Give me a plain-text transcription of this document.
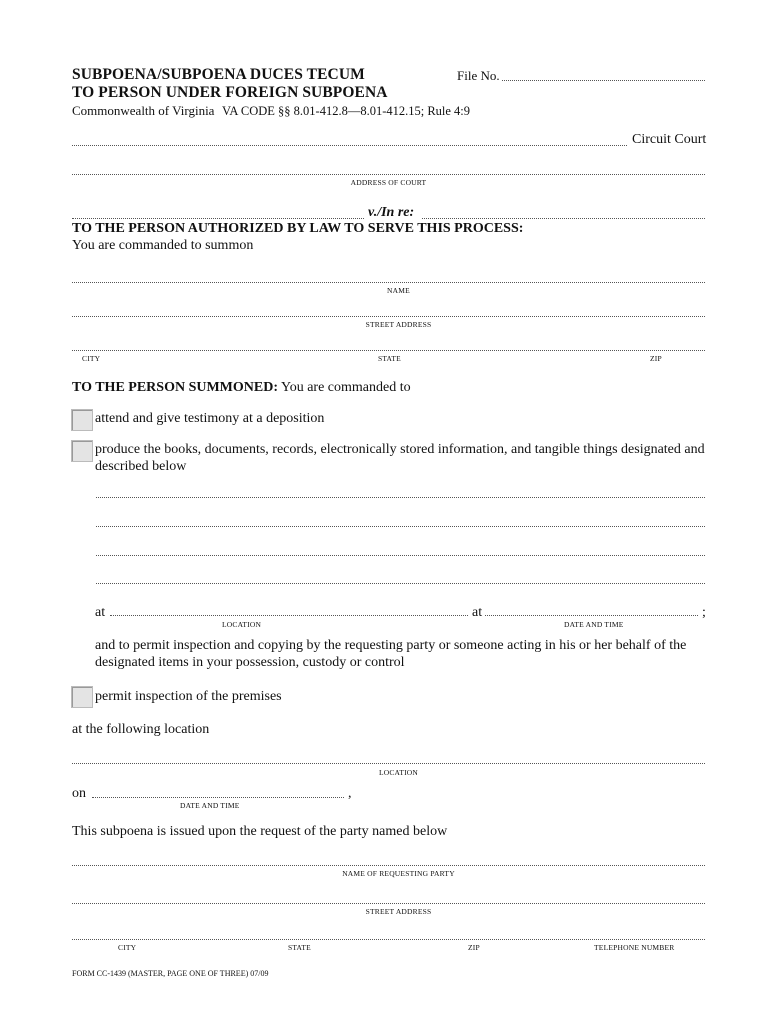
SUBPOENA/SUBPOENA DUCES TECUM
TO PERSON UNDER FOREIGN SUBPOENA
File No.
Commonwealth of Virginia VA CODE §§ 8.01-412.8—8.01-412.15; Rule 4:9
Circuit Court
ADDRESS OF COURT
v./In re:
TO THE PERSON AUTHORIZED BY LAW TO SERVE THIS PROCESS:
You are commanded to summon
NAME
STREET ADDRESS
CITY	STATE	ZIP
TO THE PERSON SUMMONED: You are commanded to
attend and give testimony at a deposition
produce the books, documents, records, electronically stored information, and tangible things designated and
described below
at	at	;
LOCATION	DATE AND TIME
and to permit inspection and copying by the requesting party or someone acting in his or her behalf of the
designated items in your possession, custody or control
permit inspection of the premises
at the following location
LOCATION
on	,
DATE AND TIME
This subpoena is issued upon the request of the party named below
NAME OF REQUESTING PARTY
STREET ADDRESS
CITY	STATE	ZIP	TELEPHONE NUMBER
FORM CC-1439 (MASTER, PAGE ONE OF THREE) 07/09
